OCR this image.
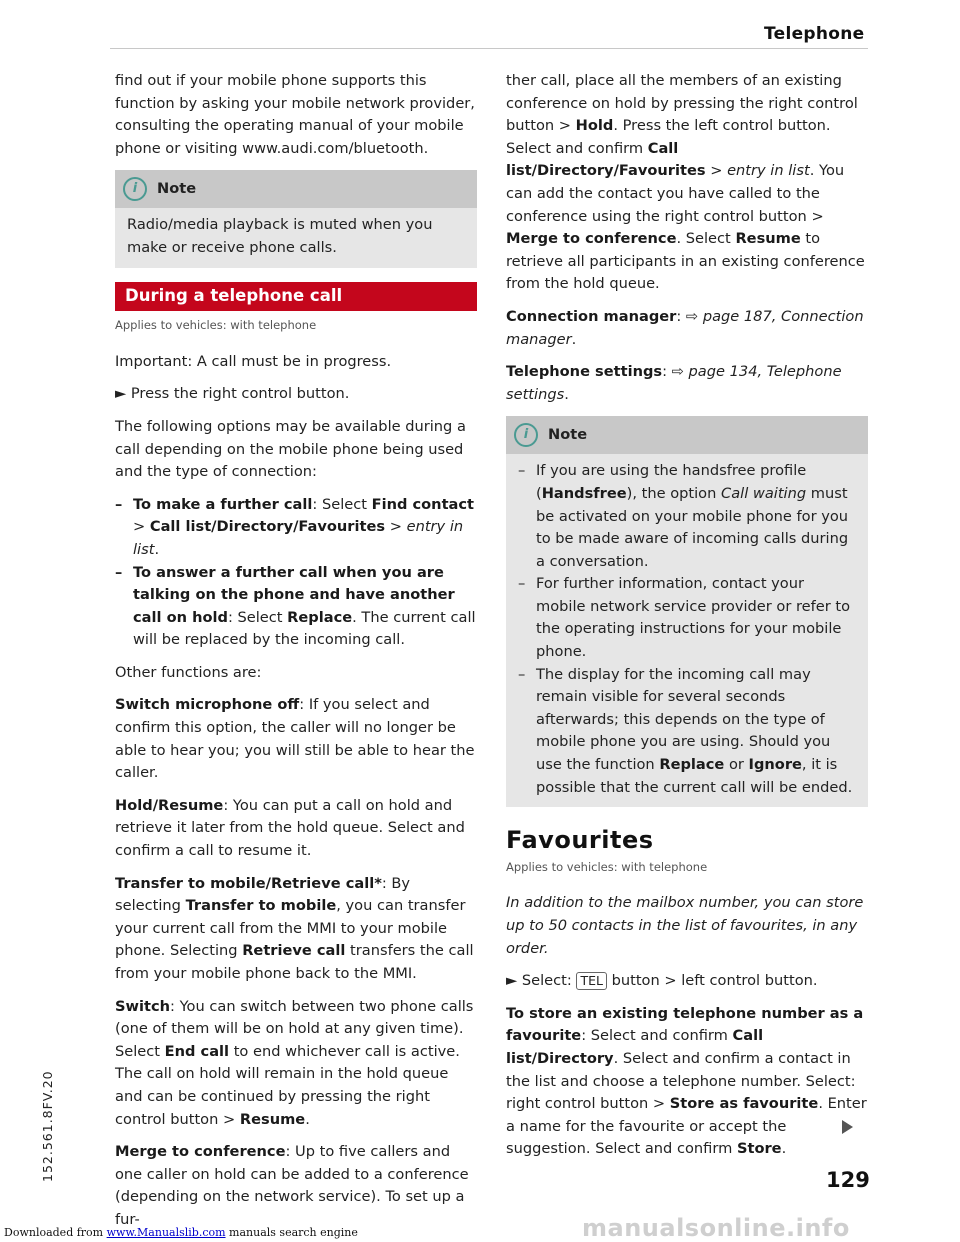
Telephone

find out if your mobile phone supports this function by asking your mobile network provider, consulting the operating manual of your mobile phone or visiting www.audi.com/bluetooth.

i	Note
Radio/media playback is muted when you make or receive phone calls.
During a telephone call

Applies to vehicles: with telephone

Important: A call must be in progress.

► Press the right control button.

The following options may be available during a call depending on the mobile phone being used and the type of connection:

– To make a further call: Select Find contact > Call list/Directory/Favourites > entry in list.
– To answer a further call when you are talking on the phone and have another call on hold: Select Replace. The current call will be replaced by the incoming call.

Other functions are:

Switch microphone off: If you select and confirm this option, the caller will no longer be able to hear you; you will still be able to hear the caller.

Hold/Resume: You can put a call on hold and retrieve it later from the hold queue. Select and confirm a call to resume it.

Transfer to mobile/Retrieve call*: By selecting Transfer to mobile, you can transfer your current call from the MMI to your mobile phone. Selecting Retrieve call transfers the call from your mobile phone back to the MMI.

Switch: You can switch between two phone calls (one of them will be on hold at any given time). Select End call to end whichever call is active. The call on hold will remain in the hold queue and can be continued by pressing the right control button > Resume.

Merge to conference: Up to five callers and one caller on hold can be added to a conference (depending on the network service). To set up a fur-

ther call, place all the members of an existing conference on hold by pressing the right control button > Hold. Press the left control button. Select and confirm Call list/Directory/Favourites > entry in list. You can add the contact you have called to the conference using the right control button > Merge to conference. Select Resume to retrieve all participants in an existing conference from the hold queue.

Connection manager: ⇨ page 187, Connection manager.

Telephone settings: ⇨ page 134, Telephone settings.

i	Note
– If you are using the handsfree profile (Handsfree), the option Call waiting must be activated on your mobile phone for you to be made aware of incoming calls during a conversation.
– For further information, contact your mobile network service provider or refer to the operating instructions for your mobile phone.
– The display for the incoming call may remain visible for several seconds afterwards; this depends on the type of mobile phone you are using. Should you use the function Replace or Ignore, it is possible that the current call will be ended.
Favourites

Applies to vehicles: with telephone

In addition to the mailbox number, you can store up to 50 contacts in the list of favourites, in any order.

► Select: TEL button > left control button.

To store an existing telephone number as a favourite: Select and confirm Call list/Directory. Select and confirm a contact in the list and choose a telephone number. Select: right control button > Store as favourite. Enter a name for the favourite or accept the suggestion. Select and confirm Store.

manualsonline.info
129
152.561.8FV.20
Downloaded from www.Manualslib.com manuals search engine
